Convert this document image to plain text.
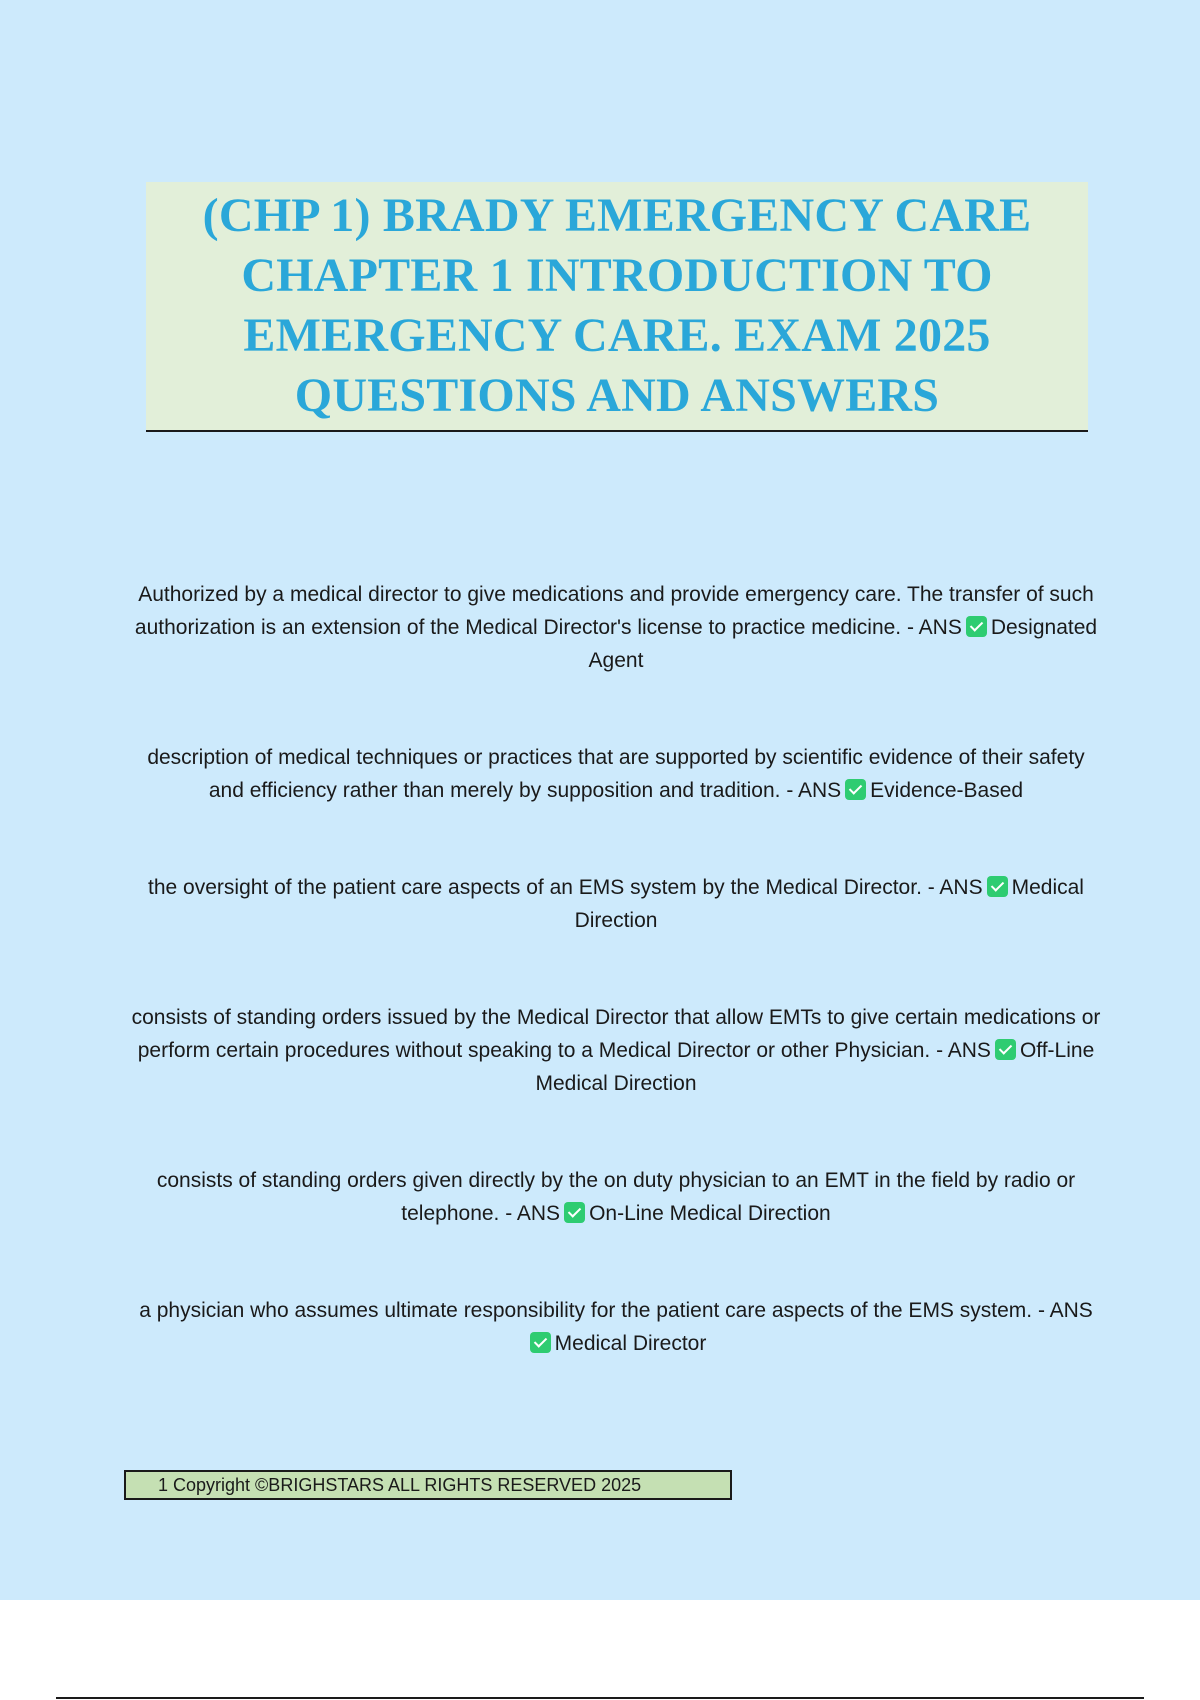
(CHP 1) BRADY EMERGENCY CARE CHAPTER 1 INTRODUCTION TO EMERGENCY CARE. EXAM 2025 QUESTIONS AND ANSWERS

Authorized by a medical director to give medications and provide emergency care. The transfer of such authorization is an extension of the Medical Director's license to practice medicine. - ANS Designated Agent

description of medical techniques or practices that are supported by scientific evidence of their safety and efficiency rather than merely by supposition and tradition. - ANS Evidence-Based

the oversight of the patient care aspects of an EMS system by the Medical Director. - ANS Medical Direction

consists of standing orders issued by the Medical Director that allow EMTs to give certain medications or perform certain procedures without speaking to a Medical Director or other Physician. - ANS Off-Line Medical Direction

consists of standing orders given directly by the on duty physician to an EMT in the field by radio or telephone. - ANS On-Line Medical Direction

a physician who assumes ultimate responsibility for the patient care aspects of the EMS system. - ANSMedical Director

1 Copyright ©BRIGHSTARS ALL RIGHTS RESERVED 2025
